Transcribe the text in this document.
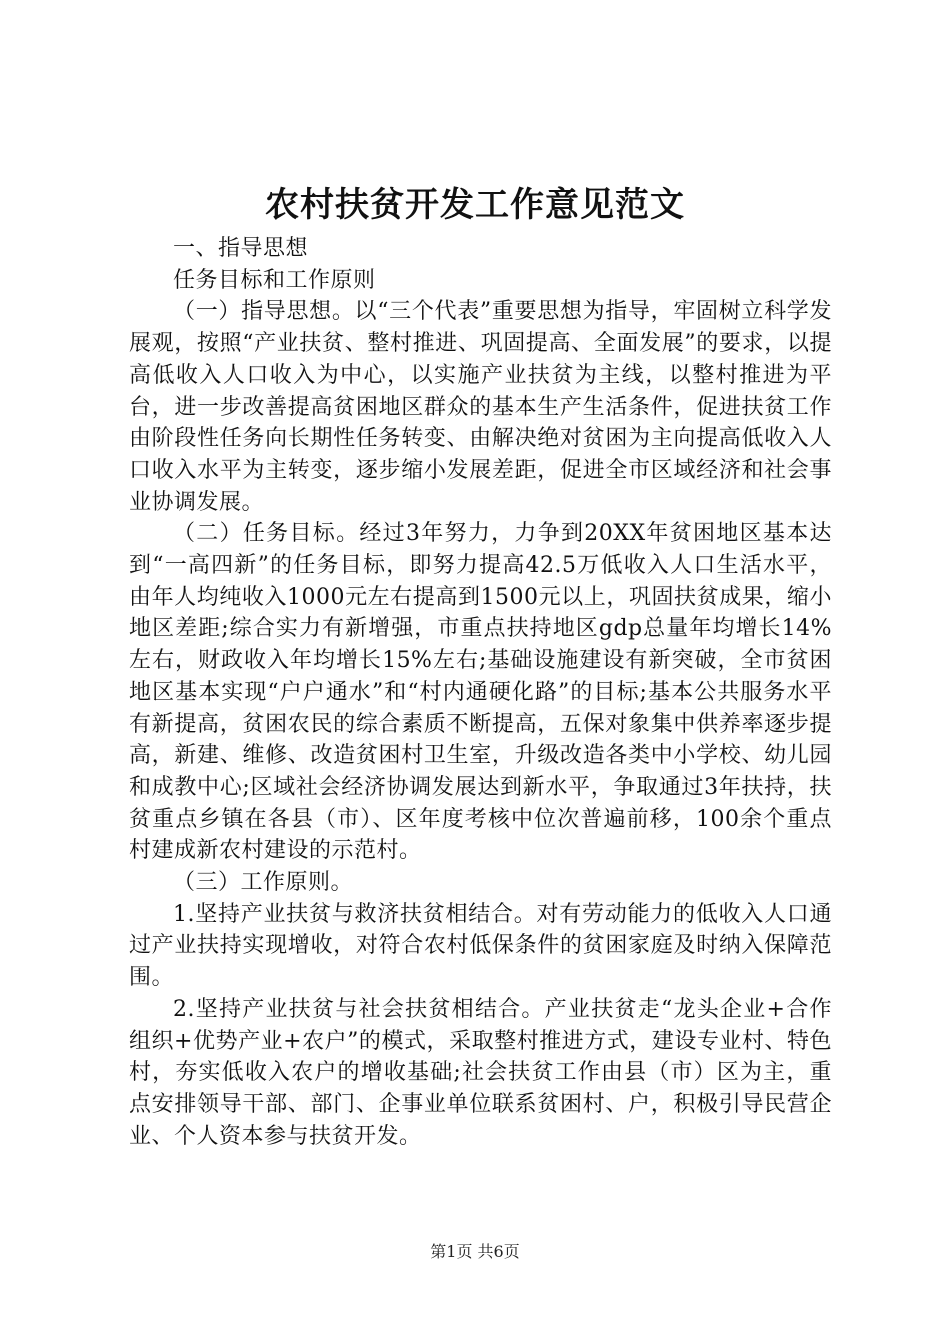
农村扶贫开发工作意见范文

一、指导思想

任务目标和工作原则

（一）指导思想。以“三个代表”重要思想为指导，牢固树立科学发展观，按照“产业扶贫、整村推进、巩固提高、全面发展”的要求，以提高低收入人口收入为中心，以实施产业扶贫为主线，以整村推进为平台，进一步改善提高贫困地区群众的基本生产生活条件，促进扶贫工作由阶段性任务向长期性任务转变、由解决绝对贫困为主向提高低收入人口收入水平为主转变，逐步缩小发展差距，促进全市区域经济和社会事业协调发展。

（二）任务目标。经过3年努力，力争到20XX年贫困地区基本达到“一高四新”的任务目标，即努力提高42.5万低收入人口生活水平，由年人均纯收入1000元左右提高到1500元以上，巩固扶贫成果，缩小地区差距;综合实力有新增强，市重点扶持地区gdp总量年均增长14%左右，财政收入年均增长15%左右;基础设施建设有新突破，全市贫困地区基本实现“户户通水”和“村内通硬化路”的目标;基本公共服务水平有新提高，贫困农民的综合素质不断提高，五保对象集中供养率逐步提高，新建、维修、改造贫困村卫生室，升级改造各类中小学校、幼儿园和成教中心;区域社会经济协调发展达到新水平，争取通过3年扶持，扶贫重点乡镇在各县（市）、区年度考核中位次普遍前移，100余个重点村建成新农村建设的示范村。

（三）工作原则。

1.坚持产业扶贫与救济扶贫相结合。对有劳动能力的低收入人口通过产业扶持实现增收，对符合农村低保条件的贫困家庭及时纳入保障范围。

2.坚持产业扶贫与社会扶贫相结合。产业扶贫走“龙头企业+合作组织+优势产业+农户”的模式，采取整村推进方式，建设专业村、特色村，夯实低收入农户的增收基础;社会扶贫工作由县（市）区为主，重点安排领导干部、部门、企事业单位联系贫困村、户，积极引导民营企业、个人资本参与扶贫开发。

第1页 共6页
